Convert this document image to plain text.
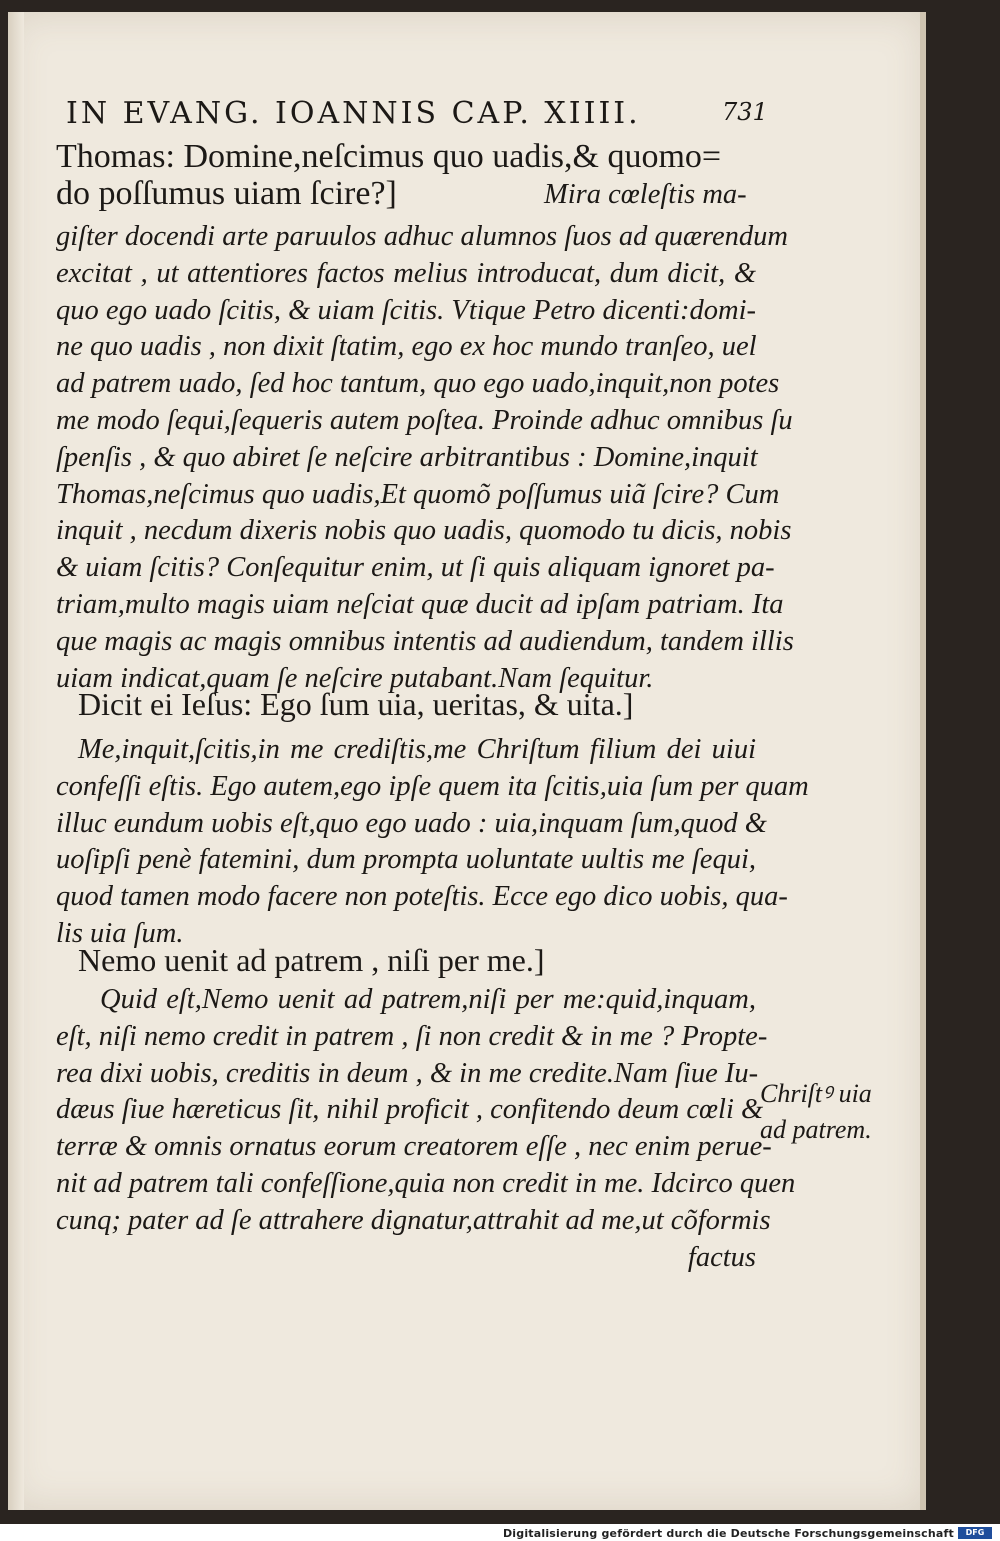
IN EVANG. IOANNIS CAP. XIIII.	731
Thomas: Domine,neſcimus quo uadis,& quomo=
do poſſumus uiam ſcire?]	Mira cœleſtis ma-
giſter docendi arte paruulos adhuc alumnos ſuos ad quærendum
excitat , ut attentiores factos melius introducat, dum dicit, &
quo ego uado ſcitis, & uiam ſcitis. Vtique Petro dicenti:domi-
ne quo uadis , non dixit ſtatim, ego ex hoc mundo tranſeo, uel
ad patrem uado, ſed hoc tantum, quo ego uado,inquit,non potes
me modo ſequi,ſequeris autem poſtea. Proinde adhuc omnibus ſu
ſpenſis , & quo abiret ſe neſcire arbitrantibus : Domine,inquit
Thomas,neſcimus quo uadis,Et quomõ poſſumus uiã ſcire? Cum
inquit , necdum dixeris nobis quo uadis, quomodo tu dicis, nobis
& uiam ſcitis? Conſequitur enim, ut ſi quis aliquam ignoret pa-
triam,multo magis uiam neſciat quæ ducit ad ipſam patriam. Ita
que magis ac magis omnibus intentis ad audiendum, tandem illis
uiam indicat,quam ſe neſcire putabant.Nam ſequitur.
Dicit ei Ieſus: Ego ſum uia, ueritas, & uita.]
Me,inquit,ſcitis,in me crediſtis,me Chriſtum filium dei uiui
confeſſi eſtis. Ego autem,ego ipſe quem ita ſcitis,uia ſum per quam
illuc eundum uobis eſt,quo ego uado : uia,inquam ſum,quod &
uoſipſi penè fatemini, dum prompta uoluntate uultis me ſequi,
quod tamen modo facere non poteſtis. Ecce ego dico uobis, qua-
lis uia ſum.
Nemo uenit ad patrem , niſi per me.]
Quid eſt,Nemo uenit ad patrem,niſi per me:quid,inquam,
eſt, niſi nemo credit in patrem , ſi non credit & in me ? Propte-
rea dixi uobis, creditis in deum , & in me credite.Nam ſiue Iu-
dæus ſiue hæreticus ſit, nihil proficit , confitendo deum cœli &
terræ & omnis ornatus eorum creatorem eſſe , nec enim perue-
nit ad patrem tali confeſſione,quia non credit in me. Idcirco quen
cunq; pater ad ſe attrahere dignatur,attrahit ad me,ut cõformis
factus
Chriſtꝰ uia
ad patrem.
Digitalisierung gefördert durch die Deutsche Forschungsgemeinschaft	DFG
